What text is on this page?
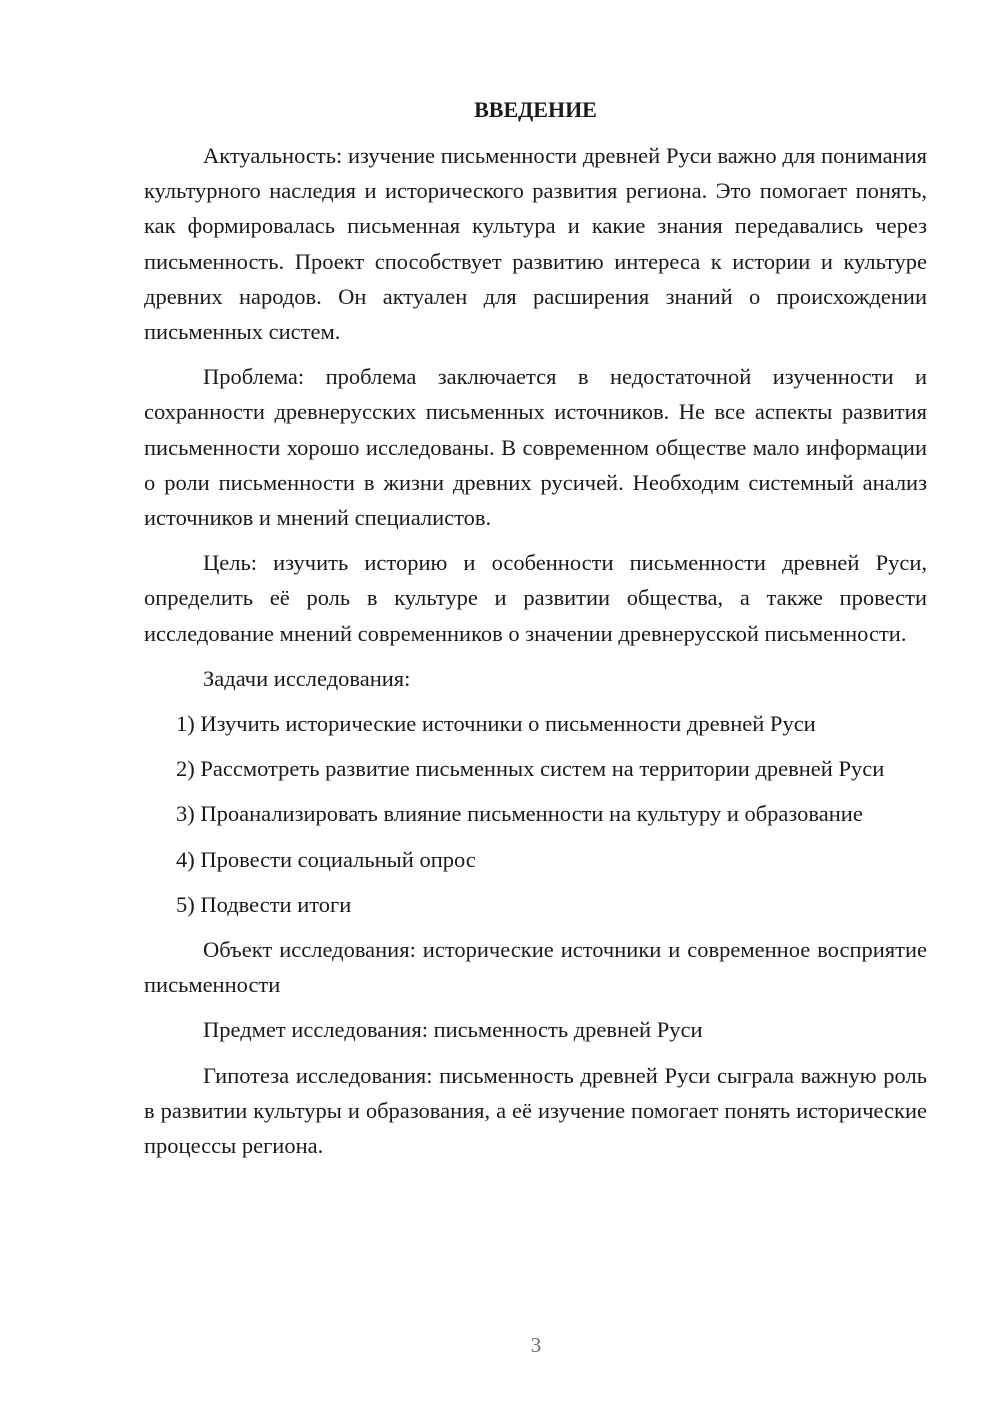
ВВЕДЕНИЕ

Актуальность: изучение письменности древней Руси важно для понимания культурного наследия и исторического развития региона. Это помогает понять, как формировалась письменная культура и какие знания передавались через письменность. Проект способствует развитию интереса к истории и культуре древних народов. Он актуален для расширения знаний о происхождении письменных систем.

Проблема: проблема заключается в недостаточной изученности и сохранности древнерусских письменных источников. Не все аспекты развития письменности хорошо исследованы. В современном обществе мало информации о роли письменности в жизни древних русичей. Необходим системный анализ источников и мнений специалистов.

Цель: изучить историю и особенности письменности древней Руси, определить её роль в культуре и развитии общества, а также провести исследование мнений современников о значении древнерусской письменности.

Задачи исследования:

1) Изучить исторические источники о письменности древней Руси

2) Рассмотреть развитие письменных систем на территории древней Руси

3) Проанализировать влияние письменности на культуру и образование

4) Провести социальный опрос

5) Подвести итоги

Объект исследования: исторические источники и современное восприятие письменности

Предмет исследования: письменность древней Руси

Гипотеза исследования: письменность древней Руси сыграла важную роль в развитии культуры и образования, а её изучение помогает понять исторические процессы региона.

3
